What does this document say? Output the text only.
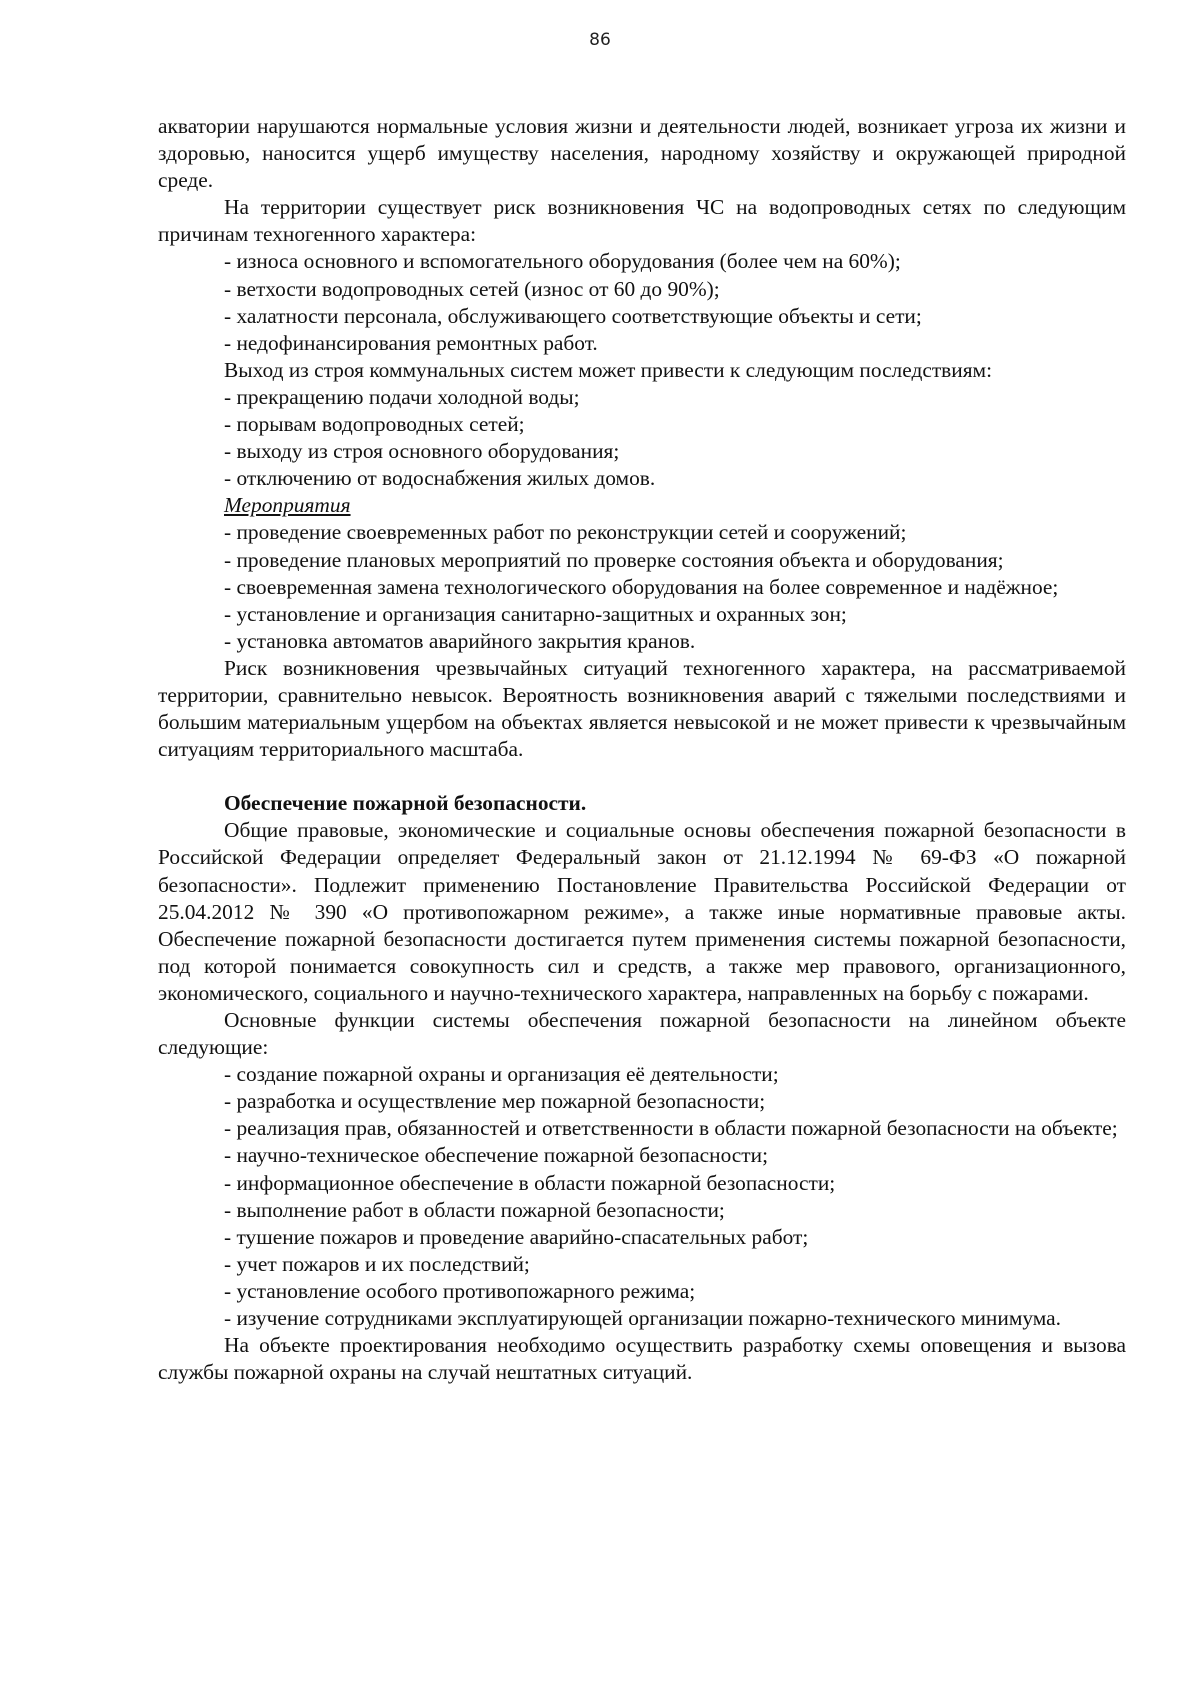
86

акватории нарушаются нормальные условия жизни и деятельности людей, возникает угроза их жизни и здоровью, наносится ущерб имуществу населения, народному хозяйству и окружающей природной среде.

На территории существует риск возникновения ЧС на водопроводных сетях по следующим причинам техногенного характера:

- износа основного и вспомогательного оборудования (более чем на 60%);

- ветхости водопроводных сетей (износ от 60 до 90%);

- халатности персонала, обслуживающего соответствующие объекты и сети;

- недофинансирования ремонтных работ.

Выход из строя коммунальных систем может привести к следующим последствиям:

- прекращению подачи холодной воды;

- порывам водопроводных сетей;

- выходу из строя основного оборудования;

- отключению от водоснабжения жилых домов.

Мероприятия

- проведение своевременных работ по реконструкции сетей и сооружений;

- проведение плановых мероприятий по проверке состояния объекта и оборудования;

- своевременная замена технологического оборудования на более современное и надёжное;

- установление и организация санитарно-защитных и охранных зон;

- установка автоматов аварийного закрытия кранов.

Риск возникновения чрезвычайных ситуаций техногенного характера, на рассматриваемой территории, сравнительно невысок. Вероятность возникновения аварий с тяжелыми последствиями и большим материальным ущербом на объектах является невысокой и не может привести к чрезвычайным ситуациям территориального масштаба.

Обеспечение пожарной безопасности.

Общие правовые, экономические и социальные основы обеспечения пожарной безопасности в Российской Федерации определяет Федеральный закон от 21.12.1994 № 69-ФЗ «О пожарной безопасности». Подлежит применению Постановление Правительства Российской Федерации от 25.04.2012 № 390 «О противопожарном режиме», а также иные нормативные правовые акты. Обеспечение пожарной безопасности достигается путем применения системы пожарной безопасности, под которой понимается совокупность сил и средств, а также мер правового, организационного, экономического, социального и научно-технического характера, направленных на борьбу с пожарами.

Основные функции системы обеспечения пожарной безопасности на линейном объекте следующие:

- создание пожарной охраны и организация её деятельности;

- разработка и осуществление мер пожарной безопасности;

- реализация прав, обязанностей и ответственности в области пожарной безопасности на объекте;

- научно-техническое обеспечение пожарной безопасности;

- информационное обеспечение в области пожарной безопасности;

- выполнение работ в области пожарной безопасности;

- тушение пожаров и проведение аварийно-спасательных работ;

- учет пожаров и их последствий;

- установление особого противопожарного режима;

- изучение сотрудниками эксплуатирующей организации пожарно-технического минимума.

На объекте проектирования необходимо осуществить разработку схемы оповещения и вызова службы пожарной охраны на случай нештатных ситуаций.
